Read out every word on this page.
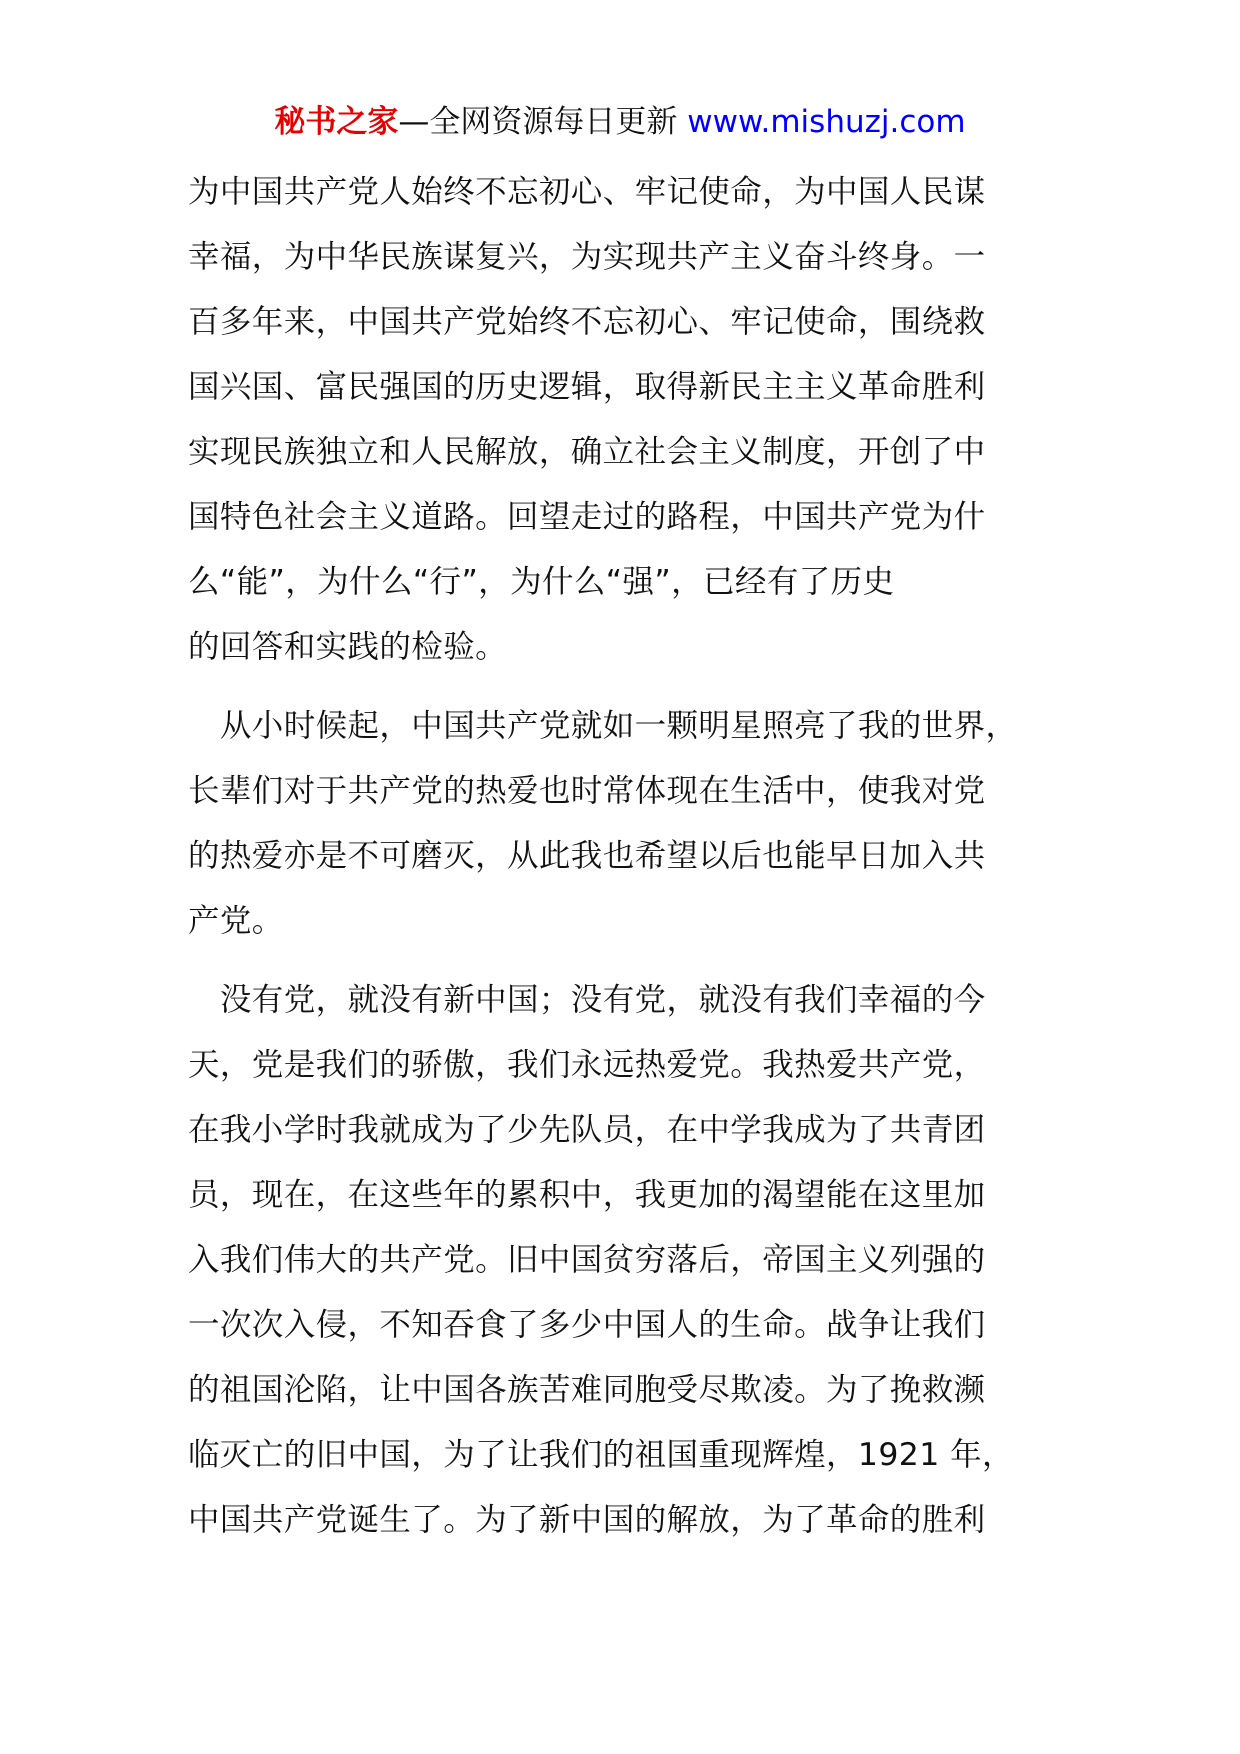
秘书之家—全网资源每日更新 www.mishuzj.com

为中国共产党人始终不忘初心、牢记使命，为中国人民谋
幸福，为中华民族谋复兴，为实现共产主义奋斗终身。一
百多年来，中国共产党始终不忘初心、牢记使命，围绕救
国兴国、富民强国的历史逻辑，取得新民主主义革命胜利
实现民族独立和人民解放，确立社会主义制度，开创了中
国特色社会主义道路。回望走过的路程，中国共产党为什
么“能”，为什么“行”，为什么“强”，已经有了历史
的回答和实践的检验。

　从小时候起，中国共产党就如一颗明星照亮了我的世界，
长辈们对于共产党的热爱也时常体现在生活中，使我对党
的热爱亦是不可磨灭，从此我也希望以后也能早日加入共
产党。

　没有党，就没有新中国；没有党，就没有我们幸福的今
天，党是我们的骄傲，我们永远热爱党。我热爱共产党，
在我小学时我就成为了少先队员，在中学我成为了共青团
员，现在，在这些年的累积中，我更加的渴望能在这里加
入我们伟大的共产党。旧中国贫穷落后，帝国主义列强的
一次次入侵，不知吞食了多少中国人的生命。战争让我们
的祖国沦陷，让中国各族苦难同胞受尽欺凌。为了挽救濒
临灭亡的旧中国，为了让我们的祖国重现辉煌，1921 年，
中国共产党诞生了。为了新中国的解放，为了革命的胜利
